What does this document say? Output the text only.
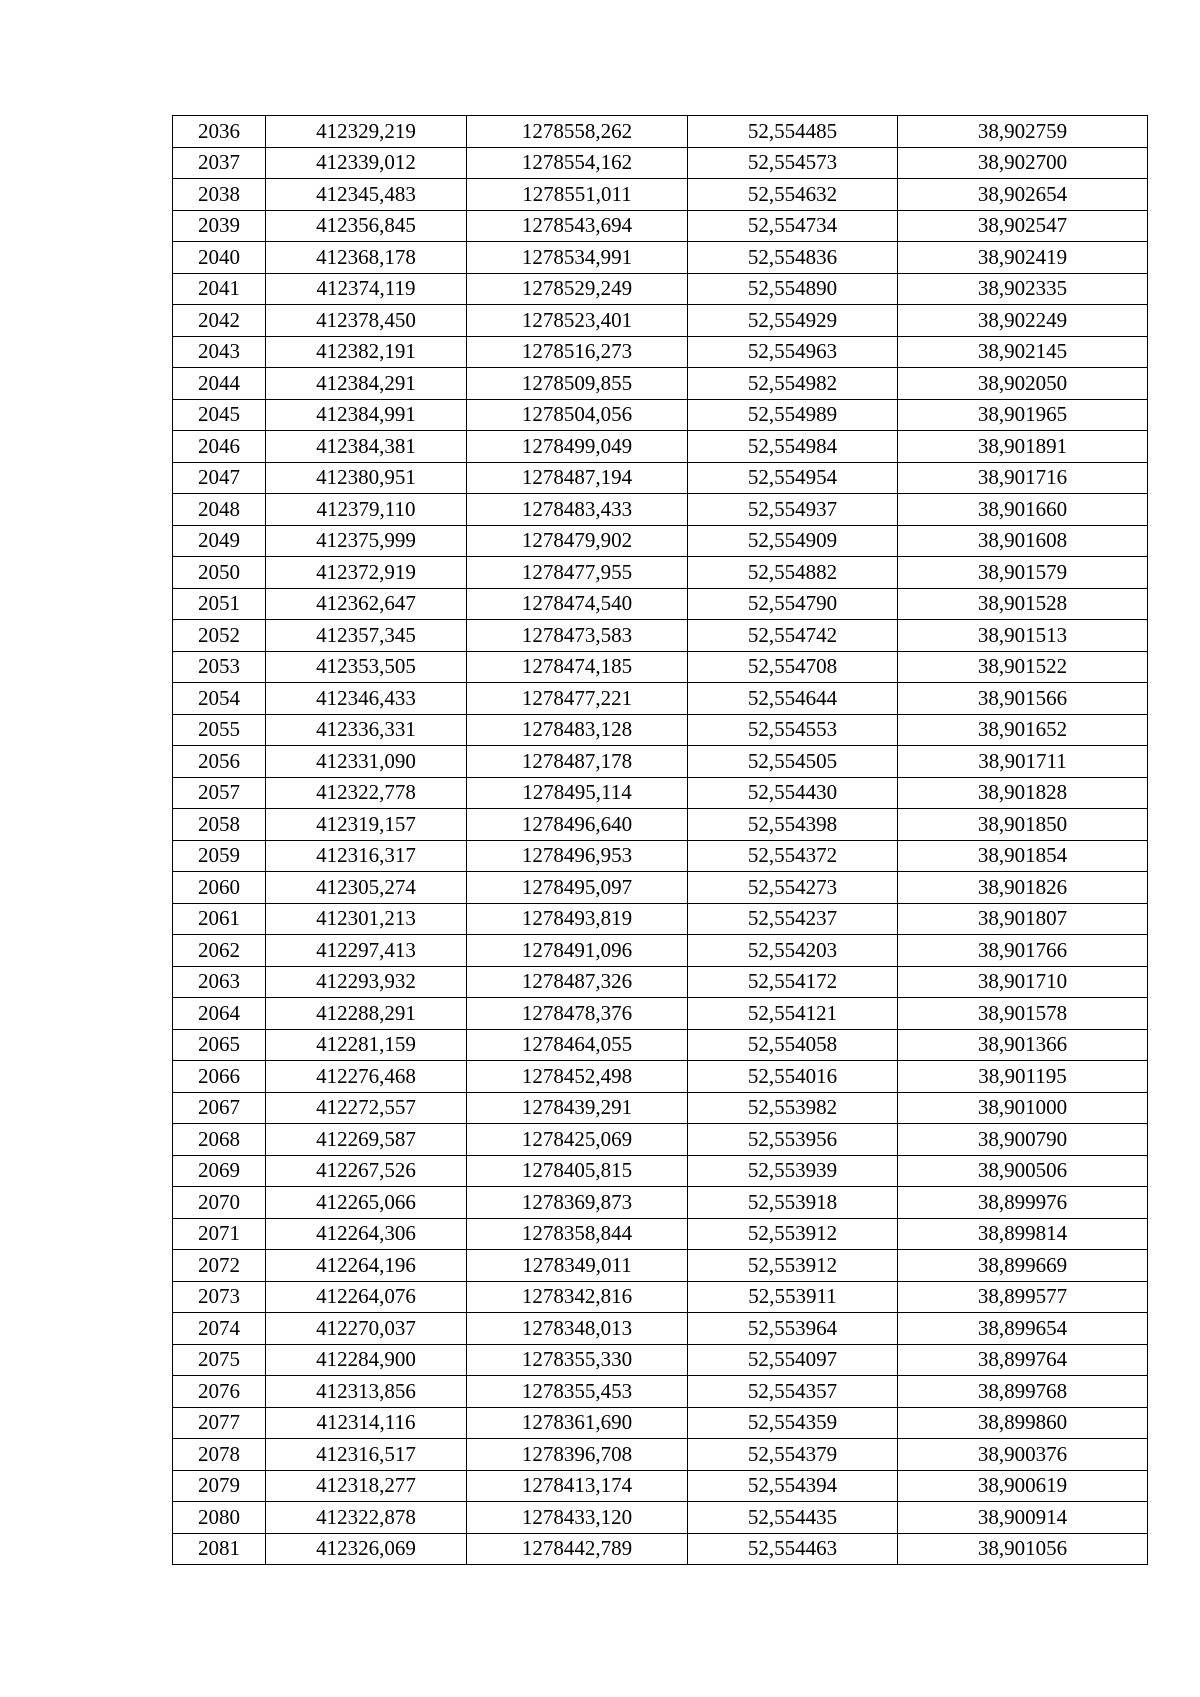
2036	412329,219	1278558,262	52,554485	38,902759
2037	412339,012	1278554,162	52,554573	38,902700
2038	412345,483	1278551,011	52,554632	38,902654
2039	412356,845	1278543,694	52,554734	38,902547
2040	412368,178	1278534,991	52,554836	38,902419
2041	412374,119	1278529,249	52,554890	38,902335
2042	412378,450	1278523,401	52,554929	38,902249
2043	412382,191	1278516,273	52,554963	38,902145
2044	412384,291	1278509,855	52,554982	38,902050
2045	412384,991	1278504,056	52,554989	38,901965
2046	412384,381	1278499,049	52,554984	38,901891
2047	412380,951	1278487,194	52,554954	38,901716
2048	412379,110	1278483,433	52,554937	38,901660
2049	412375,999	1278479,902	52,554909	38,901608
2050	412372,919	1278477,955	52,554882	38,901579
2051	412362,647	1278474,540	52,554790	38,901528
2052	412357,345	1278473,583	52,554742	38,901513
2053	412353,505	1278474,185	52,554708	38,901522
2054	412346,433	1278477,221	52,554644	38,901566
2055	412336,331	1278483,128	52,554553	38,901652
2056	412331,090	1278487,178	52,554505	38,901711
2057	412322,778	1278495,114	52,554430	38,901828
2058	412319,157	1278496,640	52,554398	38,901850
2059	412316,317	1278496,953	52,554372	38,901854
2060	412305,274	1278495,097	52,554273	38,901826
2061	412301,213	1278493,819	52,554237	38,901807
2062	412297,413	1278491,096	52,554203	38,901766
2063	412293,932	1278487,326	52,554172	38,901710
2064	412288,291	1278478,376	52,554121	38,901578
2065	412281,159	1278464,055	52,554058	38,901366
2066	412276,468	1278452,498	52,554016	38,901195
2067	412272,557	1278439,291	52,553982	38,901000
2068	412269,587	1278425,069	52,553956	38,900790
2069	412267,526	1278405,815	52,553939	38,900506
2070	412265,066	1278369,873	52,553918	38,899976
2071	412264,306	1278358,844	52,553912	38,899814
2072	412264,196	1278349,011	52,553912	38,899669
2073	412264,076	1278342,816	52,553911	38,899577
2074	412270,037	1278348,013	52,553964	38,899654
2075	412284,900	1278355,330	52,554097	38,899764
2076	412313,856	1278355,453	52,554357	38,899768
2077	412314,116	1278361,690	52,554359	38,899860
2078	412316,517	1278396,708	52,554379	38,900376
2079	412318,277	1278413,174	52,554394	38,900619
2080	412322,878	1278433,120	52,554435	38,900914
2081	412326,069	1278442,789	52,554463	38,901056
